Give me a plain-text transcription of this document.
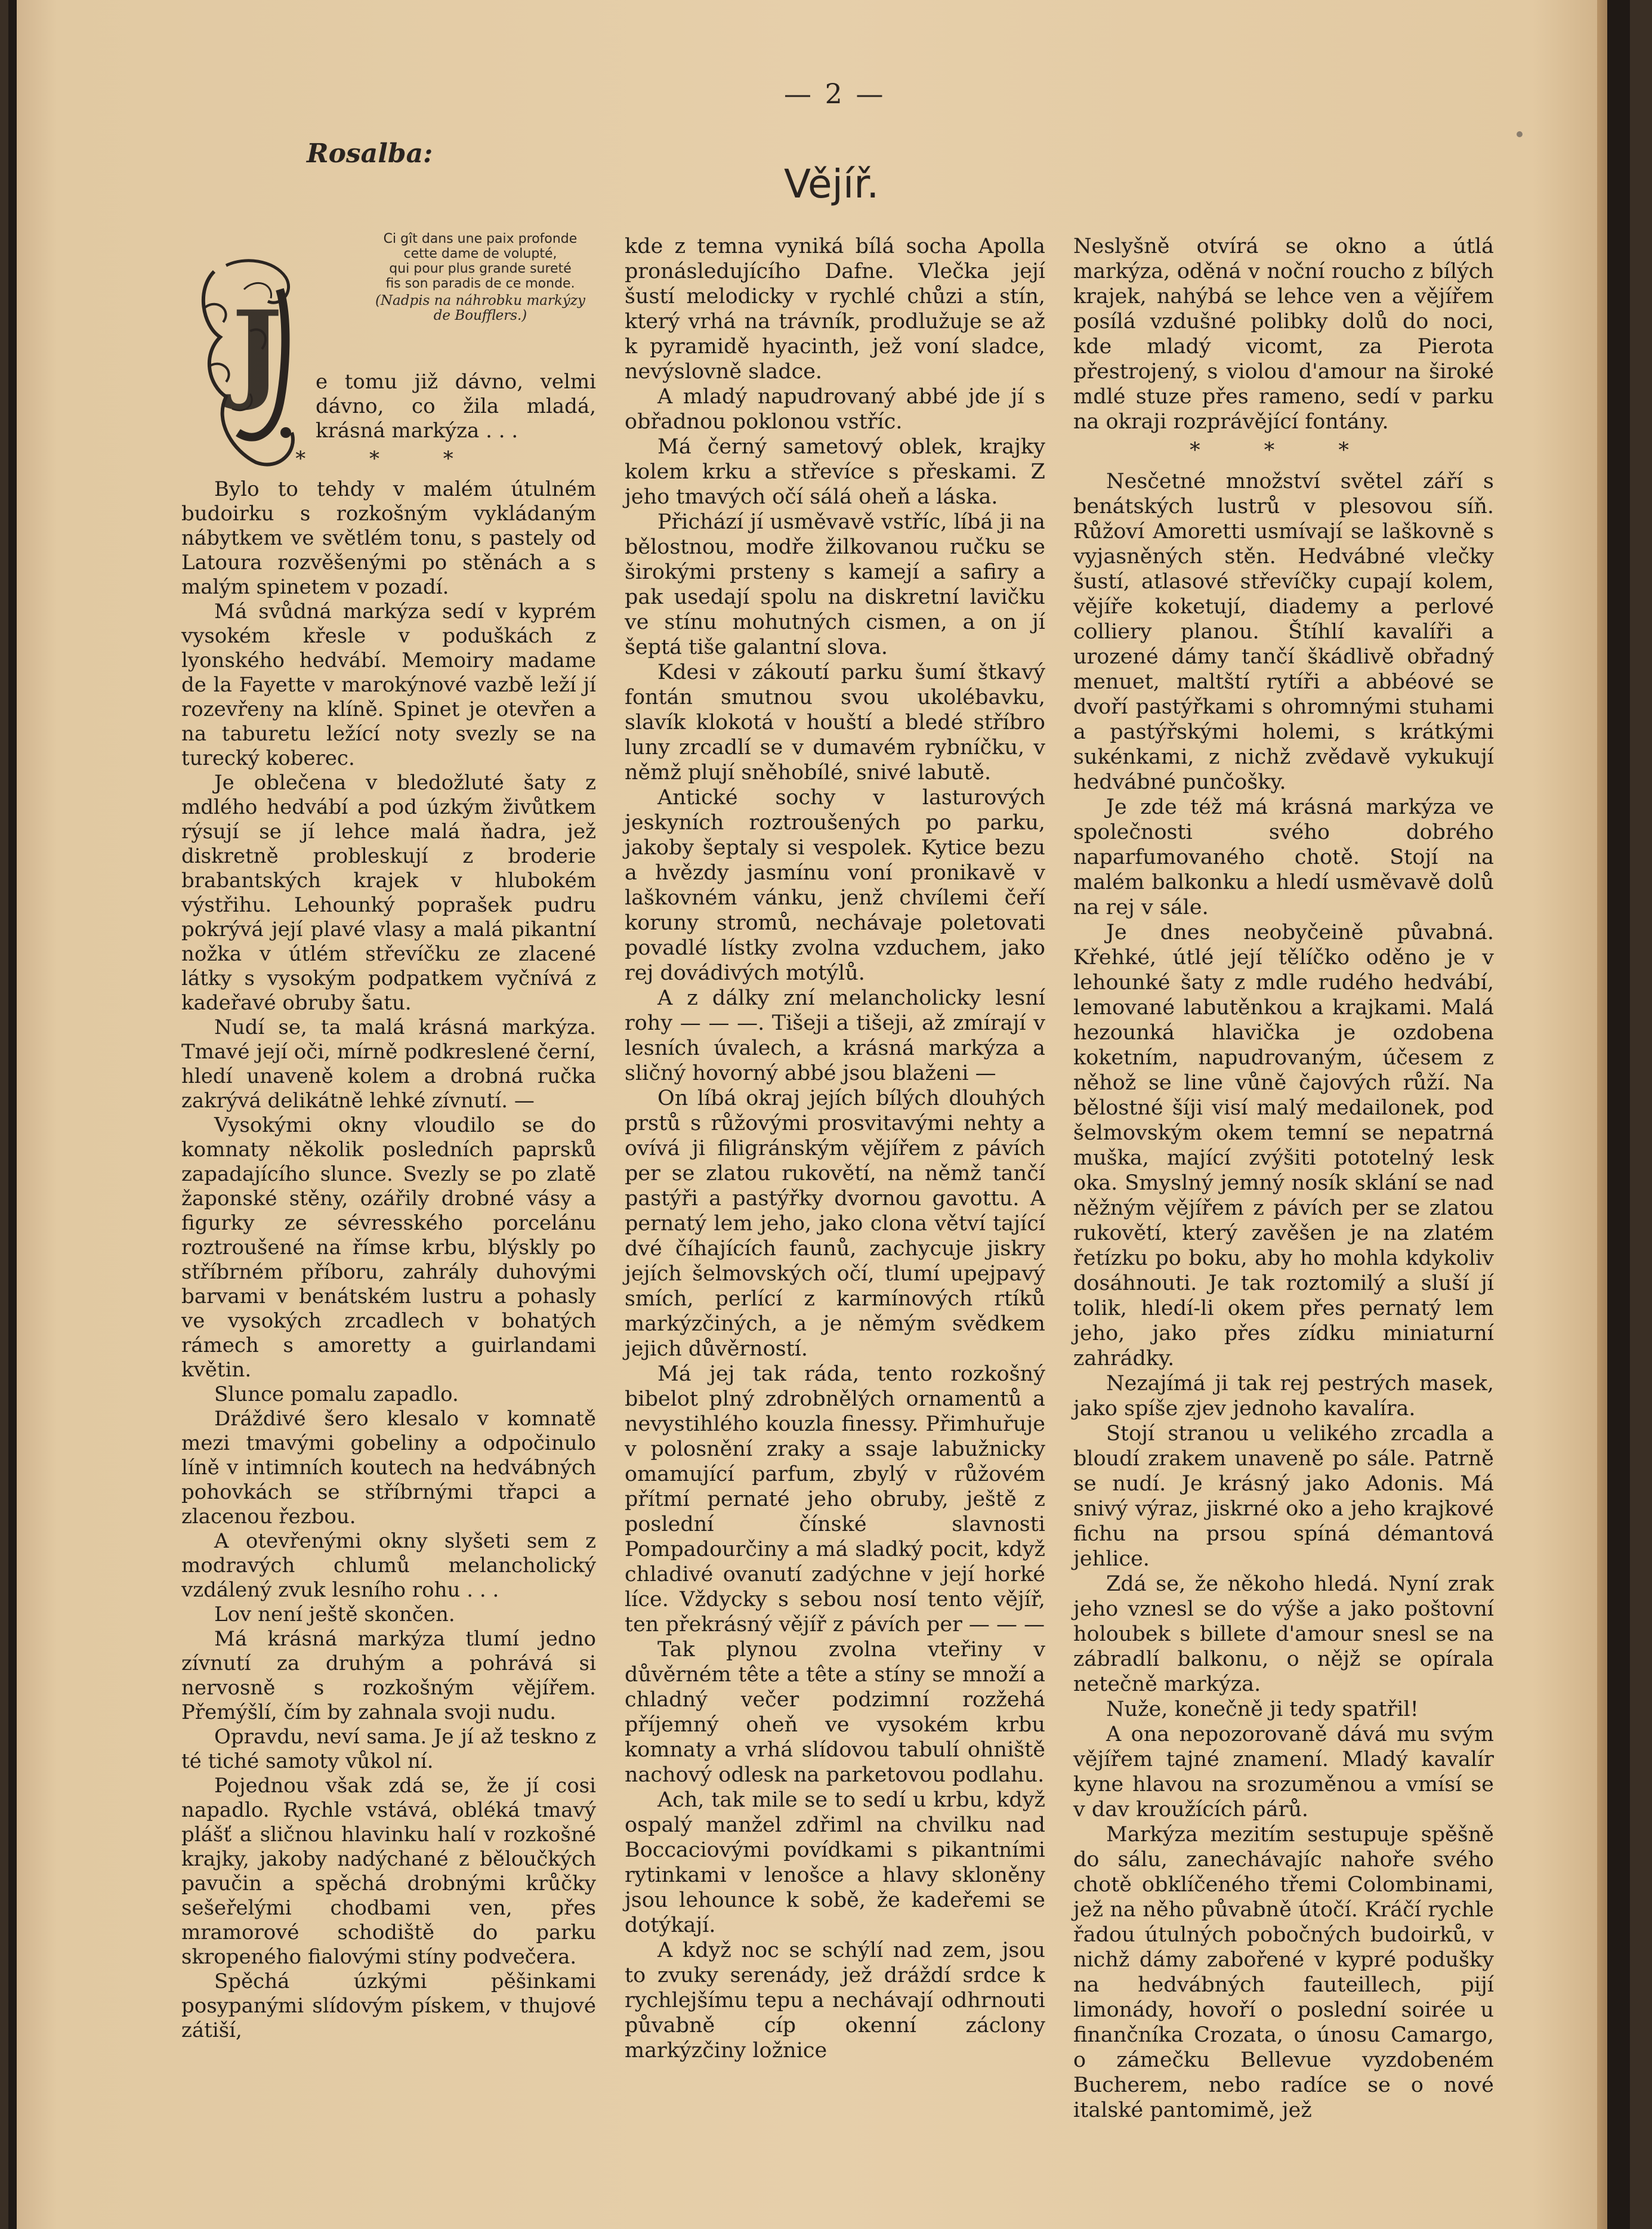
— 2 —
Rosalba:
Vějíř.
Ci gît dans une paix profonde
cette dame de volupté,
qui pour plus grande sureté
fis son paradis de ce monde.
(Nadpis na náhrobku markýzy
de Boufflers.)
J	e tomu již dávno, velmi dávno, co žila mladá, krásná markýza . . .

* * *

Bylo to tehdy v malém útulném budoirku s rozkošným vykládaným nábytkem ve světlém tonu, s pastely od Latoura rozvěšenými po stěnách a s malým spinetem v pozadí.

Má svůdná markýza sedí v kyprém vysokém křesle v poduškách z lyonského hedvábí. Memoiry madame de la Fayette v marokýnové vazbě leží jí rozevřeny na klíně. Spinet je otevřen a na taburetu ležící noty svezly se na turecký koberec.

Je oblečena v bledožluté šaty z mdlého hedvábí a pod úzkým živůtkem rýsují se jí lehce malá ňadra, jež diskretně probleskují z broderie brabantských krajek v hlubokém výstřihu. Lehounký poprašek pudru pokrývá její plavé vlasy a malá pikantní nožka v útlém střevíčku ze zlacené látky s vysokým podpatkem vyčnívá z kadeřavé obruby šatu.

Nudí se, ta malá krásná markýza. Tmavé její oči, mírně podkreslené černí, hledí unaveně kolem a drobná ručka zakrývá delikátně lehké zívnutí. —

Vysokými okny vloudilo se do komnaty několik posledních paprsků zapadajícího slunce. Svezly se po zlatě žaponské stěny, ozářily drobné vásy a figurky ze sévresského porcelánu roztroušené na římse krbu, blýskly po stříbrném příboru, zahrály duhovými barvami v benátském lustru a pohasly ve vysokých zrcadlech v bohatých rámech s amoretty a guirlandami květin.

Slunce pomalu zapadlo.

Dráždivé šero klesalo v komnatě mezi tmavými gobeliny a odpočinulo líně v intimních koutech na hedvábných pohovkách se stříbrnými třapci a zlacenou řezbou.

A otevřenými okny slyšeti sem z modravých chlumů melancholický vzdálený zvuk lesního rohu . . .

Lov není ještě skončen.

Má krásná markýza tlumí jedno zívnutí za druhým a pohrává si nervosně s rozkošným vějířem. Přemýšlí, čím by zahnala svoji nudu.

Opravdu, neví sama. Je jí až teskno z té tiché samoty vůkol ní.

Pojednou však zdá se, že jí cosi napadlo. Rychle vstává, obléká tmavý plášť a sličnou hlavinku halí v rozkošné krajky, jakoby nadýchané z běloučkých pavučin a spěchá drobnými krůčky sešeřelými chodbami ven, přes mramorové schodiště do parku skropeného fialovými stíny podvečera.

Spěchá úzkými pěšinkami posypanými slídovým pískem, v thujové zátiší,

kde z temna vyniká bílá socha Apolla pronásledujícího Dafne. Vlečka její šustí melodicky v rychlé chůzi a stín, který vrhá na trávník, prodlužuje se až k pyramidě hyacinth, jež voní sladce, nevýslovně sladce.

A mladý napudrovaný abbé jde jí s obřadnou poklonou vstříc.

Má černý sametový oblek, krajky kolem krku a střevíce s přeskami. Z jeho tmavých očí sálá oheň a láska.

Přichází jí usměvavě vstříc, líbá ji na bělostnou, modře žilkovanou ručku se širokými prsteny s kamejí a safiry a pak usedají spolu na diskretní lavičku ve stínu mohutných cismen, a on jí šeptá tiše galantní slova.

Kdesi v zákoutí parku šumí štkavý fontán smutnou svou ukolébavku, slavík klokotá v houští a bledé stříbro luny zrcadlí se v dumavém rybníčku, v němž plují sněhobílé, snivé labutě.

Antické sochy v lasturových jeskyních roztroušených po parku, jakoby šeptaly si vespolek. Kytice bezu a hvězdy jasmínu voní pronikavě v laškovném vánku, jenž chvílemi čeří koruny stromů, nechávaje poletovati povadlé lístky zvolna vzduchem, jako rej dovádivých motýlů.

A z dálky zní melancholicky lesní rohy — — —. Tišeji a tišeji, až zmírají v lesních úvalech, a krásná markýza a sličný hovorný abbé jsou blaženi —

On líbá okraj jejích bílých dlouhých prstů s růžovými prosvitavými nehty a ovívá ji filigránským vějířem z pávích per se zlatou rukovětí, na němž tančí pastýři a pastýřky dvornou gavottu. A pernatý lem jeho, jako clona větví tající dvé číhajících faunů, zachycuje jiskry jejích šelmovských očí, tlumí upejpavý smích, perlící z karmínových rtíků markýzčiných, a je němým svědkem jejich důvěrností.

Má jej tak ráda, tento rozkošný bibelot plný zdrobnělých ornamentů a nevystihlého kouzla finessy. Přimhuřuje v polosnění zraky a ssaje labužnicky omamující parfum, zbylý v růžovém přítmí pernaté jeho obruby, ještě z poslední čínské slavnosti Pompadourčiny a má sladký pocit, když chladivé ovanutí zadýchne v její horké líce. Vždycky s sebou nosí tento vějíř, ten překrásný vějíř z pávích per — — —

Tak plynou zvolna vteřiny v důvěrném tête a tête a stíny se množí a chladný večer podzimní rozžehá příjemný oheň ve vysokém krbu komnaty a vrhá slídovou tabulí ohniště nachový odlesk na parketovou podlahu.

Ach, tak mile se to sedí u krbu, když ospalý manžel zdřiml na chvilku nad Boccaciovými povídkami s pikantními rytinkami v lenošce a hlavy skloněny jsou lehounce k sobě, že kadeřemi se dotýkají.

A když noc se schýlí nad zem, jsou to zvuky serenády, jež dráždí srdce k rychlejšímu tepu a nechávají odhrnouti půvabně cíp okenní záclony markýzčiny ložnice

Neslyšně otvírá se okno a útlá markýza, oděná v noční roucho z bílých krajek, nahýbá se lehce ven a vějířem posílá vzdušné polibky dolů do noci, kde mladý vicomt, za Pierota přestrojený, s violou d'amour na široké mdlé stuze přes rameno, sedí v parku na okraji rozprávějící fontány.

* * *

Nesčetné množství světel září s benátských lustrů v plesovou síň. Růžoví Amoretti usmívají se laškovně s vyjasněných stěn. Hedvábné vlečky šustí, atlasové střevíčky cupají kolem, vějíře koketují, diademy a perlové colliery planou. Štíhlí kavalíři a urozené dámy tančí škádlivě obřadný menuet, maltští rytíři a abbéové se dvoří pastýřkami s ohromnými stuhami a pastýřskými holemi, s krátkými sukénkami, z nichž zvědavě vykukují hedvábné punčošky.

Je zde též má krásná markýza ve společnosti svého dobrého naparfumovaného chotě. Stojí na malém balkonku a hledí usměvavě dolů na rej v sále.

Je dnes neobyčeině půvabná. Křehké, útlé její tělíčko oděno je v lehounké šaty z mdle rudého hedvábí, lemované labutěnkou a krajkami. Malá hezounká hlavička je ozdobena koketním, napudrovaným, účesem z něhož se line vůně čajových růží. Na bělostné šíji visí malý medailonek, pod šelmovským okem temní se nepatrná muška, mající zvýšiti pototelný lesk oka. Smyslný jemný nosík sklání se nad něžným vějířem z pávích per se zlatou rukovětí, který zavěšen je na zlatém řetízku po boku, aby ho mohla kdykoliv dosáhnouti. Je tak roztomilý a sluší jí tolik, hledí-li okem přes pernatý lem jeho, jako přes zídku miniaturní zahrádky.

Nezajímá ji tak rej pestrých masek, jako spíše zjev jednoho kavalíra.

Stojí stranou u velikého zrcadla a bloudí zrakem unaveně po sále. Patrně se nudí. Je krásný jako Adonis. Má snivý výraz, jiskrné oko a jeho krajkové fichu na prsou spíná démantová jehlice.

Zdá se, že někoho hledá. Nyní zrak jeho vznesl se do výše a jako poštovní holoubek s billete d'amour snesl se na zábradlí balkonu, o nějž se opírala netečně markýza.

Nuže, konečně ji tedy spatřil!

A ona nepozorovaně dává mu svým vějířem tajné znamení. Mladý kavalír kyne hlavou na srozuměnou a vmísí se v dav kroužících párů.

Markýza mezitím sestupuje spěšně do sálu, zanechávajíc nahoře svého chotě obklíčeného třemi Colombinami, jež na něho půvabně útočí. Kráčí rychle řadou útulných pobočných budoirků, v nichž dámy zabořené v kypré podušky na hedvábných fauteillech, pijí limonády, hovoří o poslední soirée u finančníka Crozata, o únosu Camargo, o zámečku Bellevue vyzdobeném Bucherem, nebo radíce se o nové italské pantomimě, jež
